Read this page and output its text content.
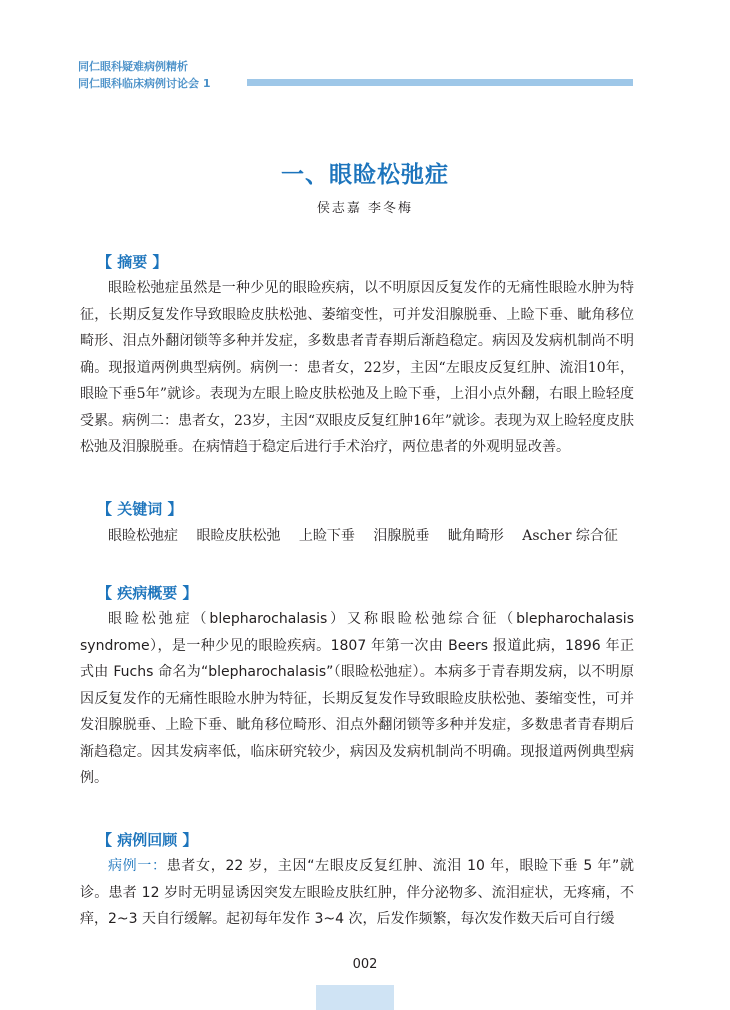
同仁眼科疑难病例精析
同仁眼科临床病例讨论会 1
一、眼睑松弛症
侯志嘉 李冬梅
【 摘要 】
眼睑松弛症虽然是一种少见的眼睑疾病，以不明原因反复发作的无痛性眼睑水肿为特征，长期反复发作导致眼睑皮肤松弛、萎缩变性，可并发泪腺脱垂、上睑下垂、眦角移位畸形、泪点外翻闭锁等多种并发症，多数患者青春期后渐趋稳定。病因及发病机制尚不明确。现报道两例典型病例。病例一：患者女，22岁，主因“左眼皮反复红肿、流泪10年，眼睑下垂5年”就诊。表现为左眼上睑皮肤松弛及上睑下垂，上泪小点外翻，右眼上睑轻度受累。病例二：患者女，23岁，主因“双眼皮反复红肿16年”就诊。表现为双上睑轻度皮肤松弛及泪腺脱垂。在病情趋于稳定后进行手术治疗，两位患者的外观明显改善。
【 关键词 】
眼睑松弛症 眼睑皮肤松弛 上睑下垂 泪腺脱垂 眦角畸形 Ascher 综合征
【 疾病概要 】
眼睑松弛症（blepharochalasis）又称眼睑松弛综合征（blepharochalasis syndrome），是一种少见的眼睑疾病。1807 年第一次由 Beers 报道此病，1896 年正式由 Fuchs 命名为“blepharochalasis”（眼睑松弛症）。本病多于青春期发病，以不明原因反复发作的无痛性眼睑水肿为特征，长期反复发作导致眼睑皮肤松弛、萎缩变性，可并发泪腺脱垂、上睑下垂、眦角移位畸形、泪点外翻闭锁等多种并发症，多数患者青春期后渐趋稳定。因其发病率低，临床研究较少，病因及发病机制尚不明确。现报道两例典型病例。
【 病例回顾 】
病例一：患者女，22 岁，主因“左眼皮反复红肿、流泪 10 年，眼睑下垂 5 年”就诊。患者 12 岁时无明显诱因突发左眼睑皮肤红肿，伴分泌物多、流泪症状，无疼痛，不痒，2~3 天自行缓解。起初每年发作 3~4 次，后发作频繁，每次发作数天后可自行缓
002
